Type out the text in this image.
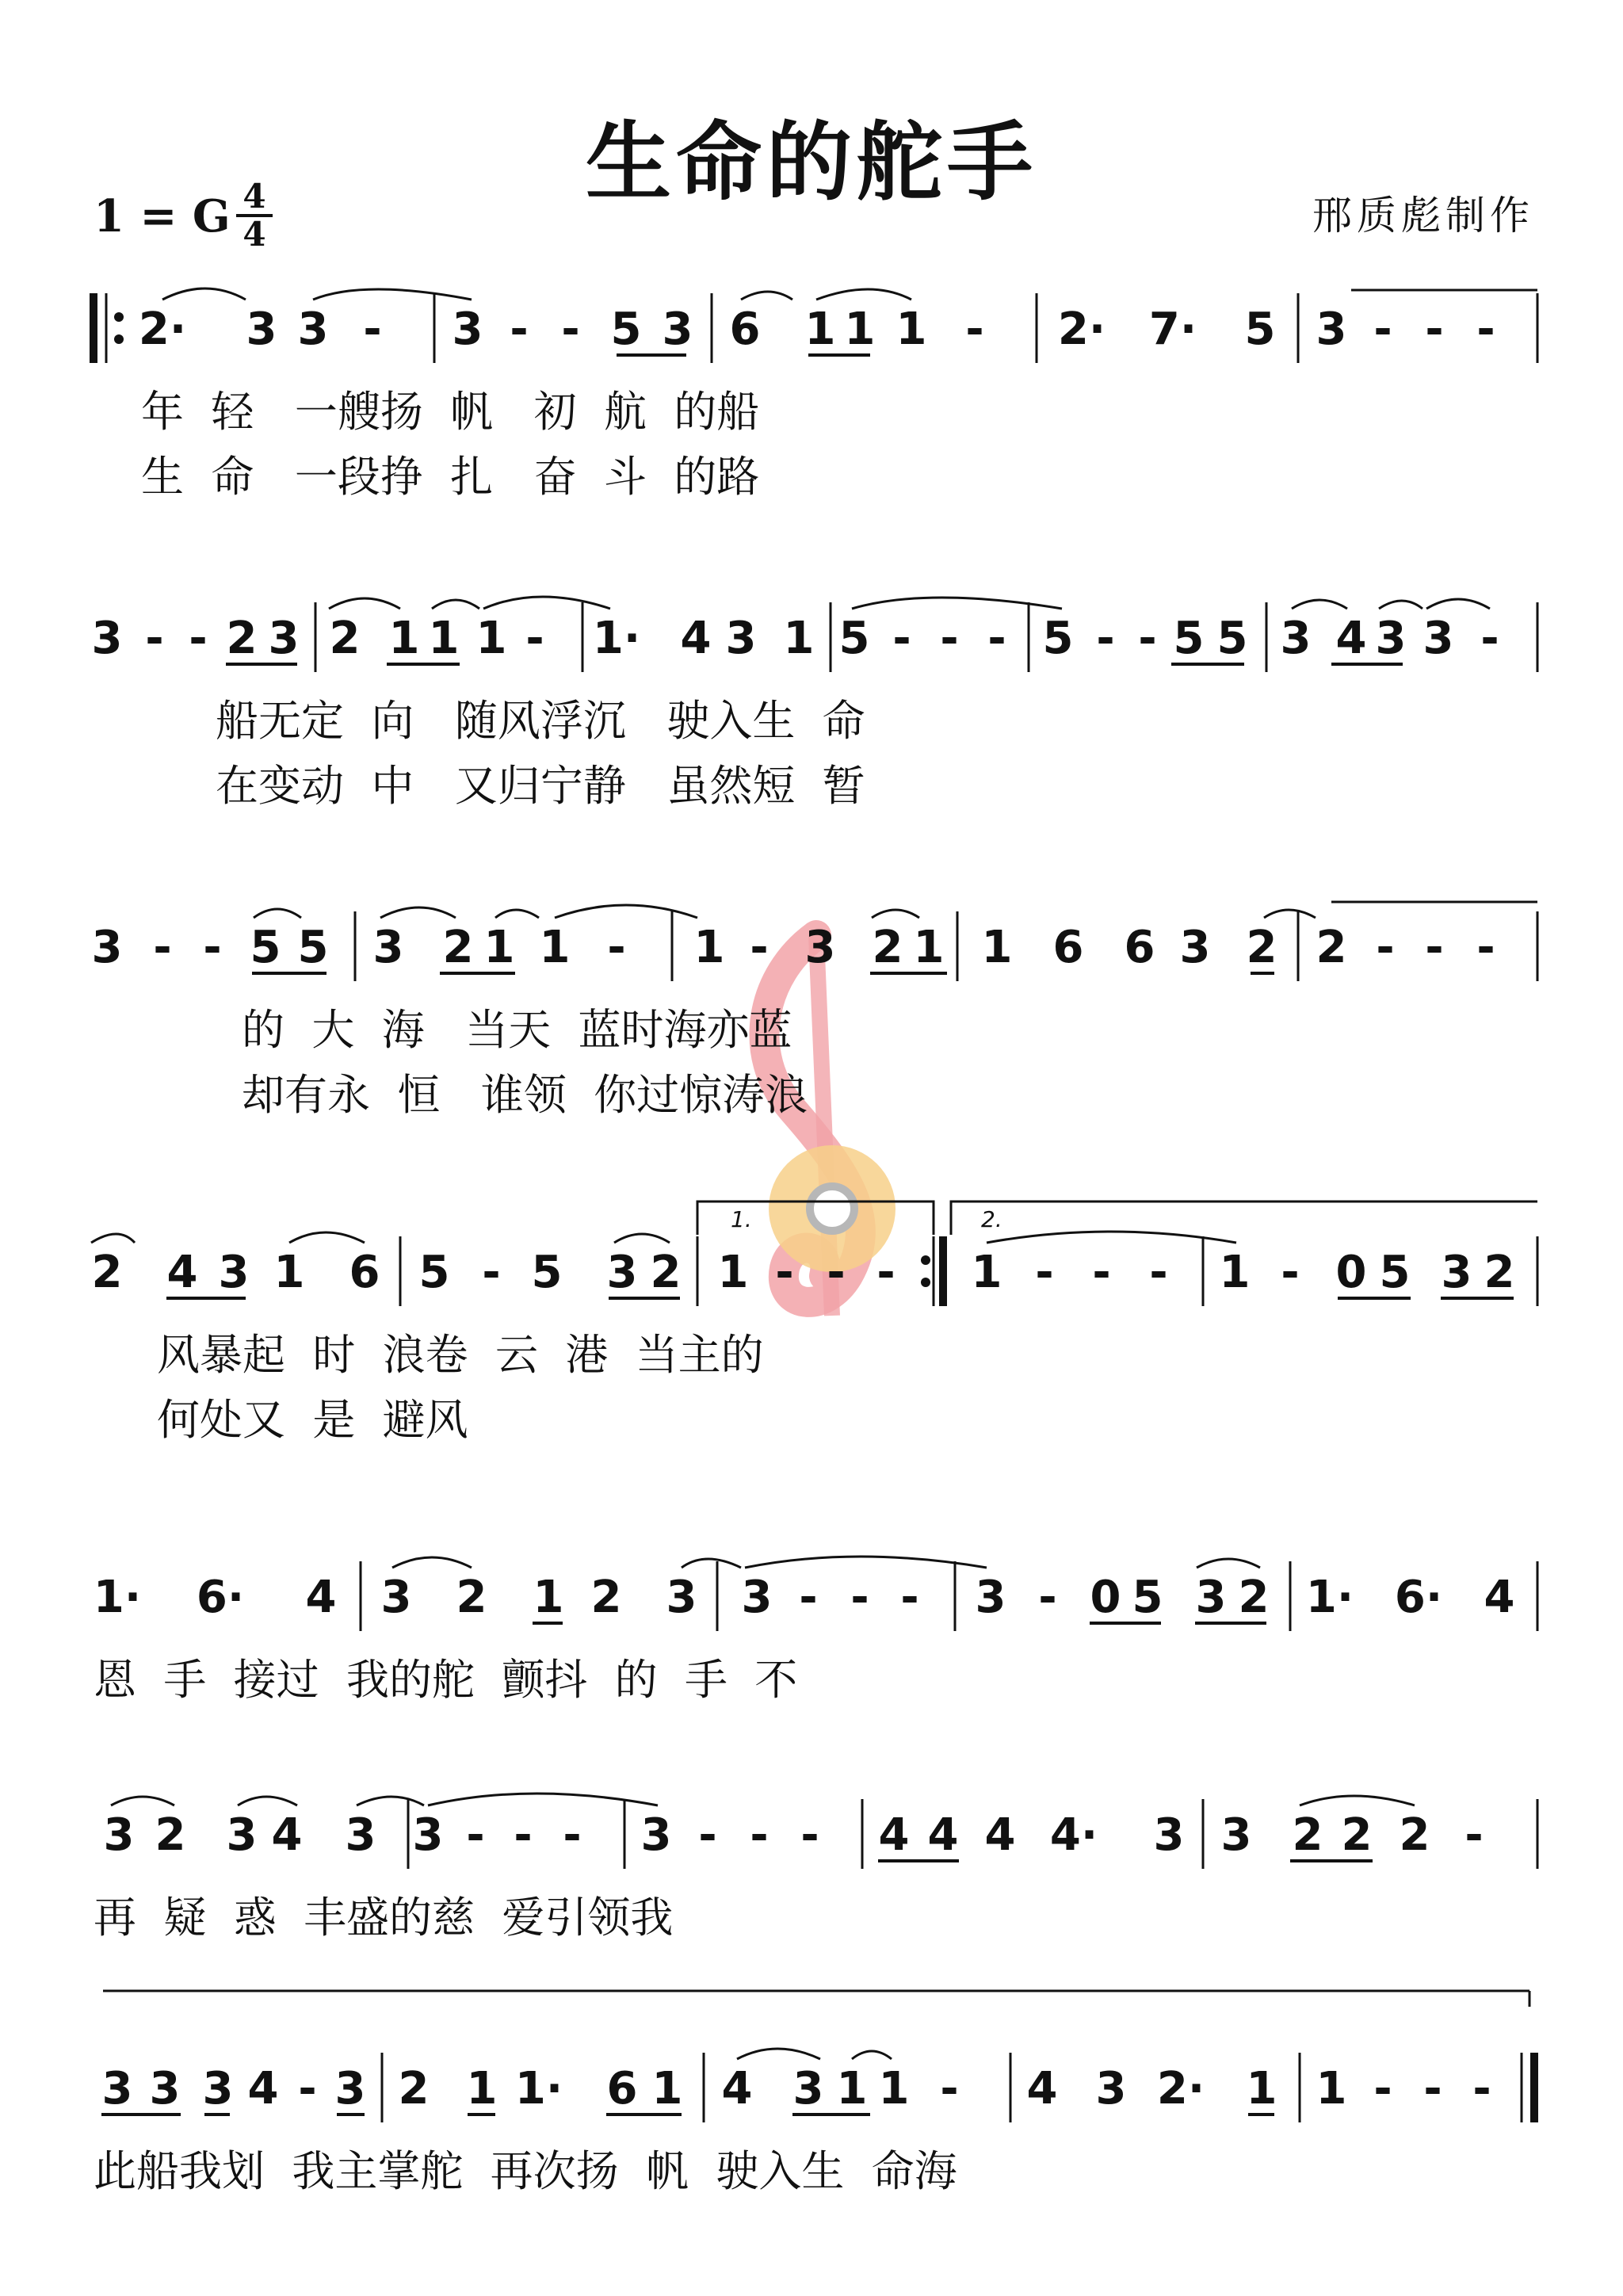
生命的舵手
1 = G $\frac{4}{4}$	邢质彪制作
2· 3 3 - 3 - - 5 3 6 1 1 1 - 2· 7· 5 3 - - -
年  轻   一艘扬  帆   初  航  的船
生  命   一段挣  扎   奋  斗  的路
3 - - 2 3 2 1 1 1 - 1· 4 3 1 5 - - - 5 - - 5 5 3 4 3 3 -
船无定  向   随风浮沉   驶入生  命
在变动  中   又归宁静   虽然短  暂
3 - - 5 5 3 2 1 1 - 1 - 3 2 1 1 6 6 3 2 2 - - -
的  大  海   当天  蓝时海亦蓝
却有永  恒   谁领  你过惊涛浪
1.	2.
2 4 3 1 6 5 - 5 3 2 1 - - - 1 - - - 1 - 0 5 3 2
风暴起  时  浪卷  云  港  当主的
何处又  是  避风
1· 6· 4 3 2 1 2 3 3 - - - 3 - 0 5 3 2 1· 6· 4
恩  手  接过  我的舵  颤抖  的  手  不
3 2 3 4 3 3 - - - 3 - - - 4 4 4 4· 3 3 2 2 2 -
再  疑  惑  丰盛的慈  爱引领我
3 3 3 4 - 3 2 1 1· 6 1 4 3 1 1 - 4 3 2· 1 1 - - -
此船我划  我主掌舵  再次扬  帆  驶入生  命海
